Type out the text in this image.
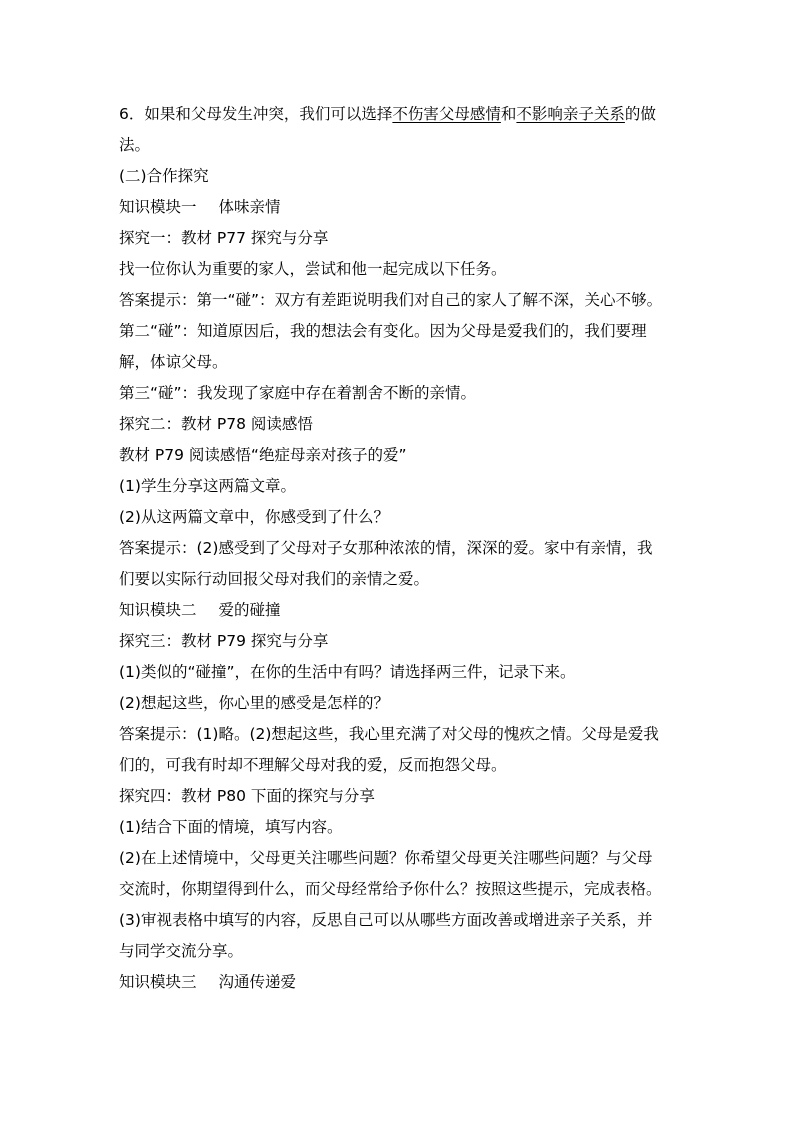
6．如果和父母发生冲突，我们可以选择不伤害父母感情和不影响亲子关系的做
法。
(二)合作探究
知识模块一 体味亲情
探究一：教材 P77 探究与分享
找一位你认为重要的家人，尝试和他一起完成以下任务。
答案提示：第一“碰”：双方有差距说明我们对自己的家人了解不深，关心不够。
第二“碰”：知道原因后，我的想法会有变化。因为父母是爱我们的，我们要理
解，体谅父母。
第三“碰”：我发现了家庭中存在着割舍不断的亲情。
探究二：教材 P78 阅读感悟
教材 P79 阅读感悟“绝症母亲对孩子的爱”
(1)学生分享这两篇文章。
(2)从这两篇文章中，你感受到了什么？
答案提示：(2)感受到了父母对子女那种浓浓的情，深深的爱。家中有亲情，我
们要以实际行动回报父母对我们的亲情之爱。
知识模块二 爱的碰撞
探究三：教材 P79 探究与分享
(1)类似的“碰撞”，在你的生活中有吗？请选择两三件，记录下来。
(2)想起这些，你心里的感受是怎样的？
答案提示：(1)略。(2)想起这些，我心里充满了对父母的愧疚之情。父母是爱我
们的，可我有时却不理解父母对我的爱，反而抱怨父母。
探究四：教材 P80 下面的探究与分享
(1)结合下面的情境，填写内容。
(2)在上述情境中，父母更关注哪些问题？你希望父母更关注哪些问题？与父母
交流时，你期望得到什么，而父母经常给予你什么？按照这些提示，完成表格。
(3)审视表格中填写的内容，反思自己可以从哪些方面改善或增进亲子关系，并
与同学交流分享。
知识模块三 沟通传递爱
